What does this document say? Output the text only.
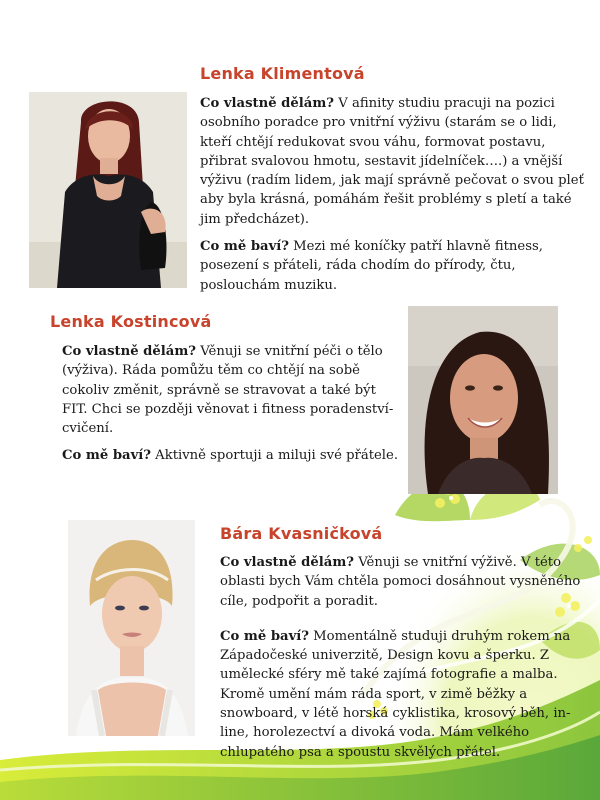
Lenka Klimentová

Co vlastně dělám? V afinity studiu pracuji na pozici osobního poradce pro vnitřní výživu (starám se o lidi, kteří chtějí redukovat svou váhu, formovat postavu, přibrat svalovou hmotu, sestavit jídelníček….) a vnější výživu (radím lidem, jak mají správně pečovat o svou pleť aby byla krásná, pomáhám řešit problémy s pletí a také jim předcházet).

Co mě baví? Mezi mé koníčky patří hlavně fitness, posezení s přáteli, ráda chodím do přírody, čtu, poslouchám muziku.

Lenka Kostincová

Co vlastně dělám? Věnuji se vnitřní péči o tělo (výživa). Ráda pomůžu těm co chtějí na sobě cokoliv změnit, správně se stravovat a také být FIT. Chci se později věnovat i fitness poradenství-cvičení.

Co mě baví? Aktivně sportuji a miluji své přátele.

Bára Kvasničková

Co vlastně dělám? Věnuji se vnitřní výživě. V této oblasti bych Vám chtěla pomoci dosáhnout vysněného cíle, podpořit a poradit.

Co mě baví? Momentálně studuji druhým rokem na Západočeské univerzitě, Design kovu a šperku. Z umělecké sféry mě také zajímá fotografie a malba. Kromě umění mám ráda sport, v zimě běžky a snowboard, v létě horská cyklistika, krosový běh, in-line, horolezectví a divoká voda. Mám velkého chlupatého psa a spoustu skvělých přátel.
